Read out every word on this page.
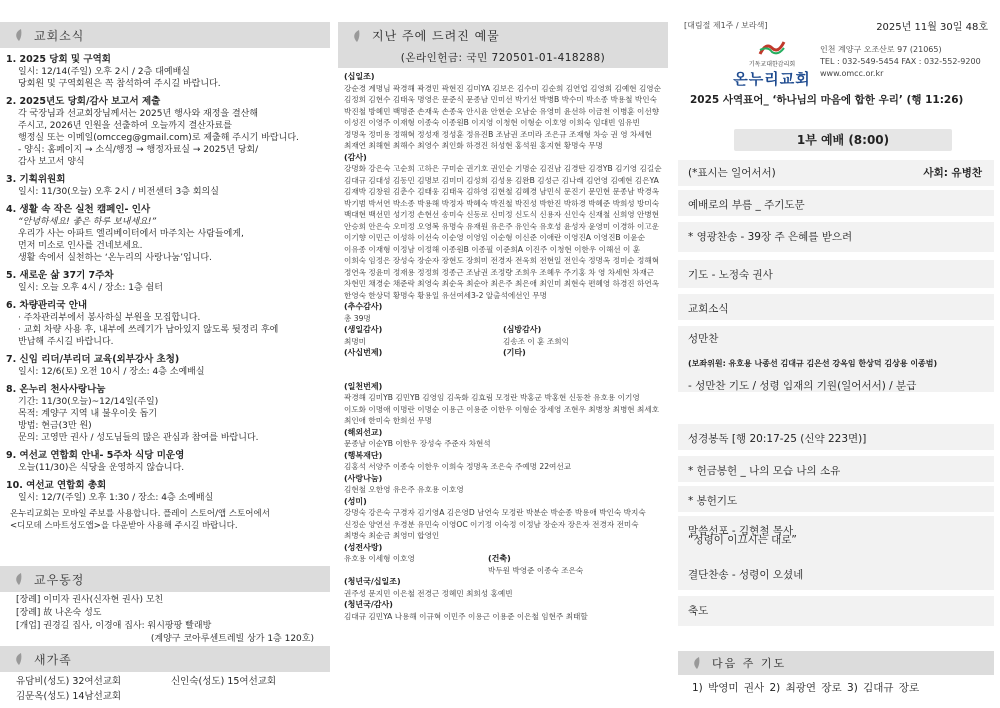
교회소식
1. 2025 당회 및 구역회
일시: 12/14(주일) 오후 2시 / 2층 대예배실
당회원 및 구역회원은 꼭 참석하여 주시길 바랍니다.
2. 2025년도 당회/감사 보고서 제출
각 국장님과 선교회장님께서는 2025년 행사와 재정을 결산해
주시고, 2026년 인원을 선출하여 오늘까지 결산자료를
행정실 또는 이메일(omcceg@gmail.com)로 제출해 주시기 바랍니다.
- 양식: 홈페이지 → 소식/행정 → 행정자료실 → 2025년 당회/
감사 보고서 양식
3. 기획위원회
일시: 11/30(오늘) 오후 2시 / 비전센터 3층 회의실
4. 생활 속 작은 실천 캠페인- 인사
“안녕하세요! 좋은 하루 보내세요!”
우리가 사는 아파트 엘리베이터에서 마주치는 사람들에게,
먼저 미소로 인사를 건네보세요.
생활 속에서 실천하는 ‘온누리의 사랑나눔’입니다.
5. 새로운 삶 37기 7주차
일시: 오늘 오후 4시 / 장소: 1층 쉼터
6. 차량관리국 안내
· 주차관리부에서 봉사하실 부원을 모집합니다.
· 교회 차량 사용 후, 내부에 쓰레기가 남아있지 않도록 뒷정리 후에
반납해 주시길 바랍니다.
7. 신임 리더/부리더 교육(외부강사 초청)
일시: 12/6(토) 오전 10시 / 장소: 4층 소예배실
8. 온누리 천사사랑나눔
기간: 11/30(오늘)~12/14일(주일)
목적: 계양구 지역 내 불우이웃 돕기
방법: 현금(3만 원)
문의: 고영만 권사 / 성도님들의 많은 관심과 참여를 바랍니다.
9. 여선교 연합회 안내- 5주차 식당 미운영
오늘(11/30)은 식당을 운영하지 않습니다.
10. 여선교 연합회 총회
일시: 12/7(주일) 오후 1:30 / 장소: 4층 소예배실
온누리교회는 모바일 주보를 사용합니다. 플레이 스토어/앱 스토어에서
<디모데 스마트성도앱>을 다운받아 사용해 주시길 바랍니다.
교우동정
[장례] 이미자 권사(신자현 권사) 모친
[장례] 故 나온숙 성도
[개업] 권경길 집사, 이경애 집사: 워시팡팡 빨래방
(계양구 코아루센트레빌 상가 1층 120호)
새가족
유담비(성도) 32여선교회	신인숙(성도) 15여선교회
김문옥(성도) 14남선교회
지난 주에 드려진 예물
(온라인헌금: 국민 720501-01-418288)
(십일조)
강순경 계명님 곽경해 곽경민 곽현진 김미YA 김보은 김수미 김순희 김연업 김영희 김예현 김영순 김정희 김현수 김태욱 명영은 문준식 문종남 민미선 박기선 박병B 박수미 박소종 박용철 박인숙 박진철 방혜민 백명준 손재욱 손종욱 안시윤 안현순 오남순 유영미 윤선하 이금천 이병훈 이선향 이성진 이영주 이재형 이종숙 이종원B 이지영 이청현 이형순 이호영 이희숙 임대빈 임유빈 정명옥 정미용 정해혁 정성재 정성훈 정유진B 조남권 조미라 조은규 조재형 차승 권 영 차세현 최재연 최해현 최해수 최영수 최인화 하경진 허성현 홍석원 홍지현 황명숙 무명
(감사)
강명화 강은숙 고순희 고하은 구미순 권기호 권인순 기명순 김진남 김경탄 김경YB 김기영 김길순 김대규 김대성 김동민 김명보 김미미 김성희 김성용 김완B 김성근 김나래 김연영 김예현 김은YA 김재박 김창원 김춘수 김태웅 김태욱 김하영 김현철 김혜경 남민식 문진기 문민현 문종남 박경옥 박기범 박서연 박소종 박용해 박정자 박혜숙 박진철 박진성 박한진 박하경 박혜준 박희성 방미숙 백대현 백선민 성기정 손현선 송미숙 신동로 신미정 신도식 신용자 신인숙 신재철 신희영 안병현 안승희 안은숙 오미정 오영복 유명숙 유재원 유은주 유인숙 유호성 윤성자 윤영미 이경하 이고운 이기향 이민근 이성하 이선숙 이순영 이영임 이순형 이신준 이애란 이영진A 이영진B 이윤순 이유종 이재형 이정남 이정해 이종원B 이종필 이준희A 이진주 이청현 이한우 이해선 이 훈 이희숙 임정은 장성숙 장순자 장현도 장희미 전경자 전욱희 전현일 전인숙 정명옥 정미순 정해혁 정연옥 정윤미 정재용 정정희 정종근 조남권 조정량 조희우 조혜우 주기홍 차 영 차세현 차재근 차현민 채경순 채준락 최영숙 최순옥 최순아 최은주 최은애 최인미 최현숙 편혜영 하경진 하연옥 한영숙 한상덕 황명숙 황용일 유선여세3-2 알출석에선인 무명
(추수감사)
총 39명
(생일감사)
최명미
(심방감사)
김송조 이 훈 조희익
(사십번제)	(기타)
(일천번제)
곽경해 김미YB 김민YB 김영임 김옥화 김효림 모정란 박홍군 박홍현 신동찬 유호용 이기영 이도화 이명애 이명란 이명순 이용근 이용준 이한우 이형순 장세영 조현우 최병창 최병현 최세호 최인애 한미숙 한희선 무명
(해외선교)
문종남 이순YB 이한우 장성숙 주준자 차현석
(행복재단)
김홍석 서양주 이종숙 이한우 이희숙 정명옥 조은숙 주예명 22여선교
(사랑나눔)
김현철 오한영 유은주 유호용 이호영
(성미)
강명숙 강은숙 구경자 김기영A 김은영D 남연숙 모정란 박분순 박순종 박용애 박인숙 박지숙 신정순 양연선 우경분 유민숙 이영OC 이기정 이숙정 이정남 장순자 장은자 전경자 전미숙 최병숙 최순금 최영미 합영인
(성전사랑)
유호용 이세형 이호영	(건축)
박두원 박영준 이종숙 조은숙
(청년국/십일조)
권주성 문지민 이은철 전경근 정혜민 최희성 홍예빈
(청년국/감사)
김대규 김민YA 나용해 이규혁 이민주 이용근 이용준 이은철 임현주 최태할
[대림절 제1주 / 보라색]	2025년 11월 30일 48호
기독교대한감리회
온누리교회
인천 계양구 오조산로 97 (21065)
TEL : 032-549-5454 FAX : 032-552-9200
www.omcc.or.kr
2025 사역표어_ ‘하나님의 마음에 합한 우리’ (행 11:26)
1부 예배 (8:00)
(*표시는 일어서서)	사회: 유병찬
예배로의 부름 _ 주기도문
* 영광찬송 - 39장 주 은혜를 받으려
기도 - 노정숙 권사
교회소식
성만찬
(보좌위원: 유호용 나종선 김대규 김은선 강옥임 한상덕 김상용 이종범)
- 성만찬 기도 / 성령 임재의 기원(일어서서) / 분급
성경봉독 [행 20:17-25 (신약 223면)]
* 헌금봉헌 _ 나의 모습 나의 소유
* 봉헌기도
말씀선포 - 김현철 목사
“성령이 이끄시는 대로”
결단찬송 - 성령이 오셨네
축도
다음 주 기도
1) 박영미 권사 2) 최광연 장로 3) 김대규 장로
